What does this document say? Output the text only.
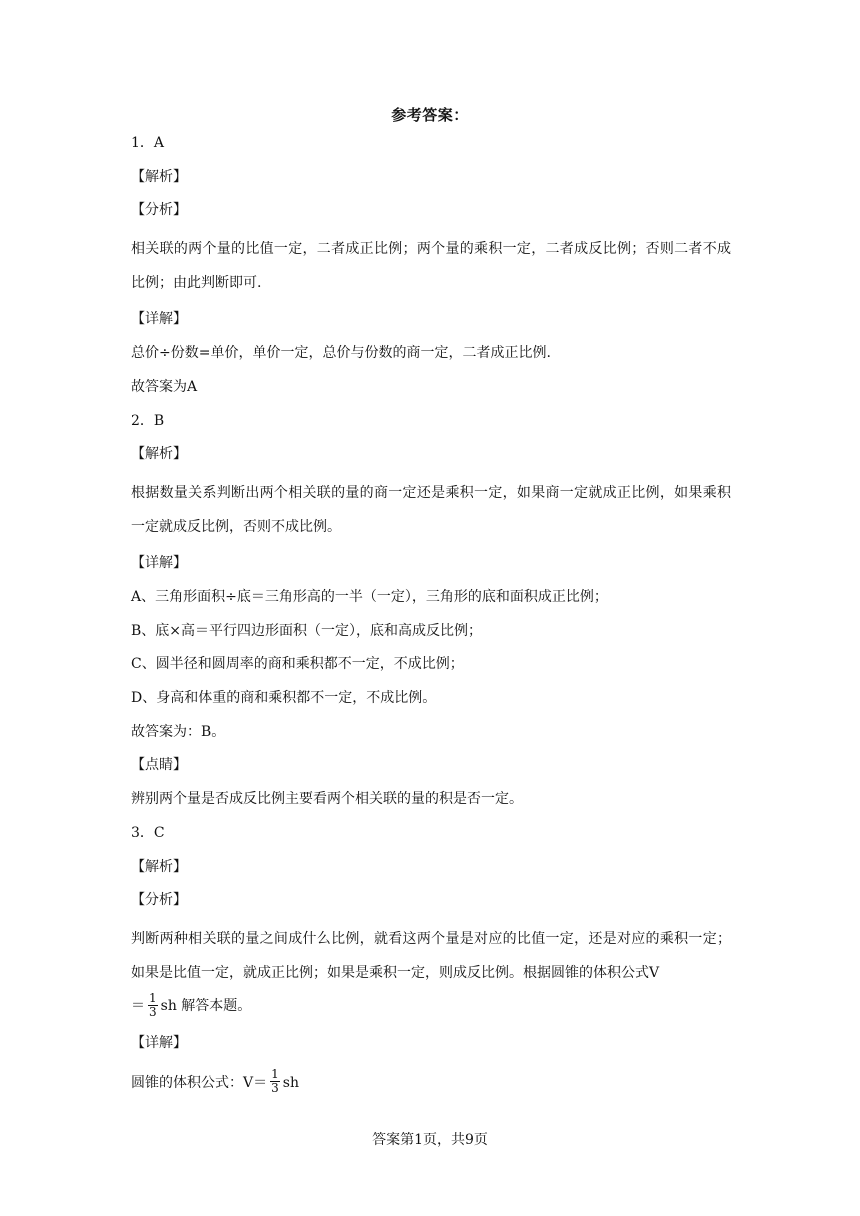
参考答案：
1．A
【解析】
【分析】
相关联的两个量的比值一定，二者成正比例；两个量的乘积一定，二者成反比例；否则二者不成比例；由此判断即可.
【详解】
总价÷份数=单价，单价一定，总价与份数的商一定，二者成正比例.
故答案为A
2．B
【解析】
根据数量关系判断出两个相关联的量的商一定还是乘积一定，如果商一定就成正比例，如果乘积一定就成反比例，否则不成比例。
【详解】
A、三角形面积÷底＝三角形高的一半（一定），三角形的底和面积成正比例；
B、底×高＝平行四边形面积（一定），底和高成反比例；
C、圆半径和圆周率的商和乘积都不一定，不成比例；
D、身高和体重的商和乘积都不一定，不成比例。
故答案为：B。
【点睛】
辨别两个量是否成反比例主要看两个相关联的量的积是否一定。
3．C
【解析】
【分析】
判断两种相关联的量之间成什么比例，就看这两个量是对应的比值一定，还是对应的乘积一定；如果是比值一定，就成正比例；如果是乘积一定，则成反比例。根据圆锥的体积公式V
＝ $\frac{1}{3}$ sh 解答本题。
【详解】
圆锥的体积公式：$V= \frac{1}{3}$ sh
答案第1页，共9页
